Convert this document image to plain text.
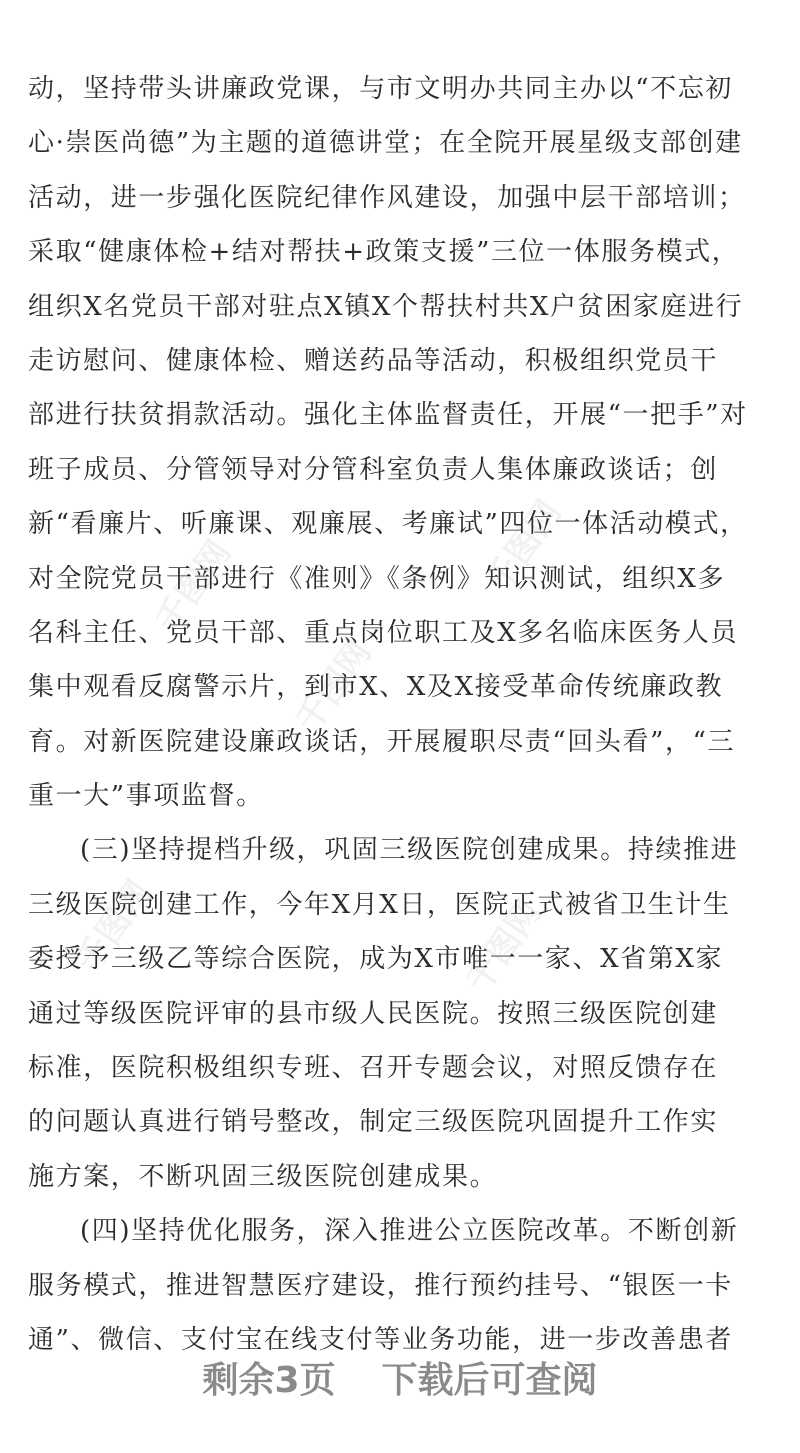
千图网	千图网
千图网
千图网	千图网
动，坚持带头讲廉政党课，与市文明办共同主办以“不忘初
心·崇医尚德”为主题的道德讲堂；在全院开展星级支部创建
活动，进一步强化医院纪律作风建设，加强中层干部培训；
采取“健康体检+结对帮扶+政策支援”三位一体服务模式，
组织X名党员干部对驻点X镇X个帮扶村共X户贫困家庭进行
走访慰问、健康体检、赠送药品等活动，积极组织党员干
部进行扶贫捐款活动。强化主体监督责任，开展“一把手”对
班子成员、分管领导对分管科室负责人集体廉政谈话；创
新“看廉片、听廉课、观廉展、考廉试”四位一体活动模式，
对全院党员干部进行《准则》《条例》知识测试，组织X多
名科主任、党员干部、重点岗位职工及X多名临床医务人员
集中观看反腐警示片，到市X、X及X接受革命传统廉政教
育。对新医院建设廉政谈话，开展履职尽责“回头看”，“三
重一大”事项监督。
(三)坚持提档升级，巩固三级医院创建成果。持续推进
三级医院创建工作，今年X月X日，医院正式被省卫生计生
委授予三级乙等综合医院，成为X市唯一一家、X省第X家
通过等级医院评审的县市级人民医院。按照三级医院创建
标准，医院积极组织专班、召开专题会议，对照反馈存在
的问题认真进行销号整改，制定三级医院巩固提升工作实
施方案，不断巩固三级医院创建成果。
(四)坚持优化服务，深入推进公立医院改革。不断创新
服务模式，推进智慧医疗建设，推行预约挂号、“银医一卡
通”、微信、支付宝在线支付等业务功能，进一步改善患者
剩余3页 下载后可查阅
